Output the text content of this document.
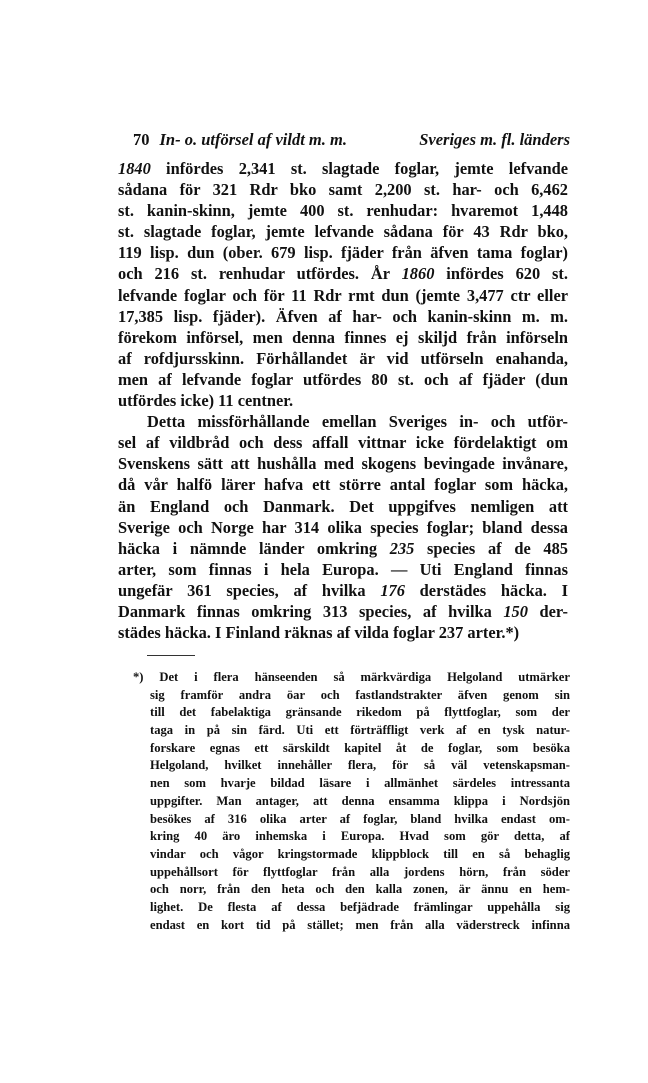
70 In- o. utförsel af vildt m. m.	Sveriges m. fl. länders
1840 infördes 2,341 st. slagtade foglar, jemte lefvande
sådana för 321 Rdr bko samt 2,200 st. har- och 6,462
st. kanin-skinn, jemte 400 st. renhudar: hvaremot 1,448
st. slagtade foglar, jemte lefvande sådana för 43 Rdr bko,
119 lisp. dun (ober. 679 lisp. fjäder från äfven tama foglar)
och 216 st. renhudar utfördes. År 1860 infördes 620 st.
lefvande foglar och för 11 Rdr rmt dun (jemte 3,477 ctr eller
17,385 lisp. fjäder). Äfven af har- och kanin-skinn m. m.
förekom införsel, men denna finnes ej skiljd från införseln
af rofdjursskinn. Förhållandet är vid utförseln enahanda,
men af lefvande foglar utfördes 80 st. och af fjäder (dun
utfördes icke) 11 centner.
Detta missförhållande emellan Sveriges in- och utför-
sel af vildbråd och dess affall vittnar icke fördelaktigt om
Svenskens sätt att hushålla med skogens bevingade invånare,
då vår halfö lärer hafva ett större antal foglar som häcka,
än England och Danmark. Det uppgifves nemligen att
Sverige och Norge har 314 olika species foglar; bland dessa
häcka i nämnde länder omkring 235 species af de 485
arter, som finnas i hela Europa. — Uti England finnas
ungefär 361 species, af hvilka 176 derstädes häcka. I
Danmark finnas omkring 313 species, af hvilka 150 der-
städes häcka. I Finland räknas af vilda foglar 237 arter.*)
*) Det i flera hänseenden så märkvärdiga Helgoland utmärker
sig framför andra öar och fastlandstrakter äfven genom sin
till det fabelaktiga gränsande rikedom på flyttfoglar, som der
taga in på sin färd. Uti ett förträffligt verk af en tysk natur-
forskare egnas ett särskildt kapitel åt de foglar, som besöka
Helgoland, hvilket innehåller flera, för så väl vetenskapsman-
nen som hvarje bildad läsare i allmänhet särdeles intressanta
uppgifter. Man antager, att denna ensamma klippa i Nordsjön
besökes af 316 olika arter af foglar, bland hvilka endast om-
kring 40 äro inhemska i Europa. Hvad som gör detta, af
vindar och vågor kringstormade klippblock till en så behaglig
uppehållsort för flyttfoglar från alla jordens hörn, från söder
och norr, från den heta och den kalla zonen, är ännu en hem-
lighet. De flesta af dessa befjädrade främlingar uppehålla sig
endast en kort tid på stället; men från alla väderstreck infinna
